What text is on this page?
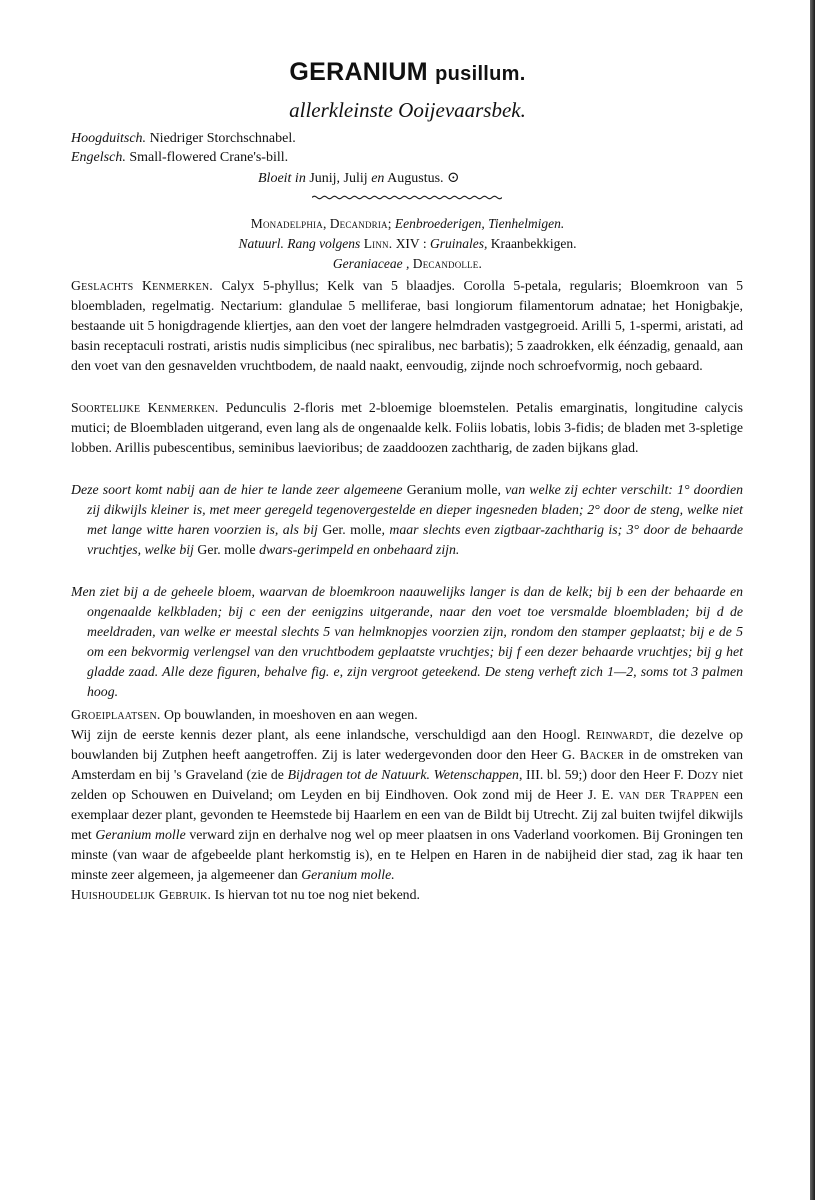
GERANIUM pusillum.
allerkleinste Ooijevaarsbek.
Hoogduitsch. Niedriger Storchschnabel.
Engelsch. Small-flowered Crane's-bill.
Bloeit in Junij, Julij en Augustus. ⊙
Monadelphia, Decandria; Eenbroederigen, Tienhelmigen.
Natuurl. Rang volgens Linn. XIV : Gruinales, Kraanbekkigen.
Geraniaceae , Decandolle.

Geslachts Kenmerken. Calyx 5-phyllus; Kelk van 5 blaadjes. Corolla 5-petala, regularis; Bloemkroon van 5 bloembladen, regelmatig. Nectarium: glandulae 5 melliferae, basi longiorum filamentorum adnatae; het Honigbakje, bestaande uit 5 honigdragende kliertjes, aan den voet der langere helmdraden vastgegroeid. Arilli 5, 1-spermi, aristati, ad basin receptaculi rostrati, aristis nudis simplicibus (nec spiralibus, nec barbatis); 5 zaadrokken, elk éénzadig, genaald, aan den voet van den gesnavelden vruchtbodem, de naald naakt, eenvoudig, zijnde noch schroefvormig, noch gebaard.

Soortelijke Kenmerken. Pedunculis 2-floris met 2-bloemige bloemstelen. Petalis emarginatis, longitudine calycis mutici; de Bloembladen uitgerand, even lang als de ongenaalde kelk. Foliis lobatis, lobis 3-fidis; de bladen met 3-spletige lobben. Arillis pubescentibus, seminibus laevioribus; de zaaddoozen zachtharig, de zaden bijkans glad.

Deze soort komt nabij aan de hier te lande zeer algemeene Geranium molle, van welke zij echter verschilt: 1° doordien zij dikwijls kleiner is, met meer geregeld tegenovergestelde en dieper ingesneden bladen; 2° door de steng, welke niet met lange witte haren voorzien is, als bij Ger. molle, maar slechts even zigtbaar-zachtharig is; 3° door de behaarde vruchtjes, welke bij Ger. molle dwars-gerimpeld en onbehaard zijn.

Men ziet bij a de geheele bloem, waarvan de bloemkroon naauwelijks langer is dan de kelk; bij b een der behaarde en ongenaalde kelkbladen; bij c een der eenigzins uitgerande, naar den voet toe versmalde bloembladen; bij d de meeldraden, van welke er meestal slechts 5 van helmknopjes voorzien zijn, rondom den stamper geplaatst; bij e de 5 om een bekvormig verlengsel van den vruchtbodem geplaatste vruchtjes; bij f een dezer behaarde vruchtjes; bij g het gladde zaad. Alle deze figuren, behalve fig. e, zijn vergroot geteekend. De steng verheft zich 1—2, soms tot 3 palmen hoog.

Groeiplaatsen. Op bouwlanden, in moeshoven en aan wegen.

Wij zijn de eerste kennis dezer plant, als eene inlandsche, verschuldigd aan den Hoogl. Reinwardt, die dezelve op bouwlanden bij Zutphen heeft aangetroffen. Zij is later wedergevonden door den Heer G. Backer in de omstreken van Amsterdam en bij 's Graveland (zie de Bijdragen tot de Natuurk. Wetenschappen, III. bl. 59;) door den Heer F. Dozy niet zelden op Schouwen en Duiveland; om Leyden en bij Eindhoven. Ook zond mij de Heer J. E. van der Trappen een exemplaar dezer plant, gevonden te Heemstede bij Haarlem en een van de Bildt bij Utrecht. Zij zal buiten twijfel dikwijls met Geranium molle verward zijn en derhalve nog wel op meer plaatsen in ons Vaderland voorkomen. Bij Groningen ten minste (van waar de afgebeelde plant herkomstig is), en te Helpen en Haren in de nabijheid dier stad, zag ik haar ten minste zeer algemeen, ja algemeener dan Geranium molle.

Huishoudelijk Gebruik. Is hiervan tot nu toe nog niet bekend.
